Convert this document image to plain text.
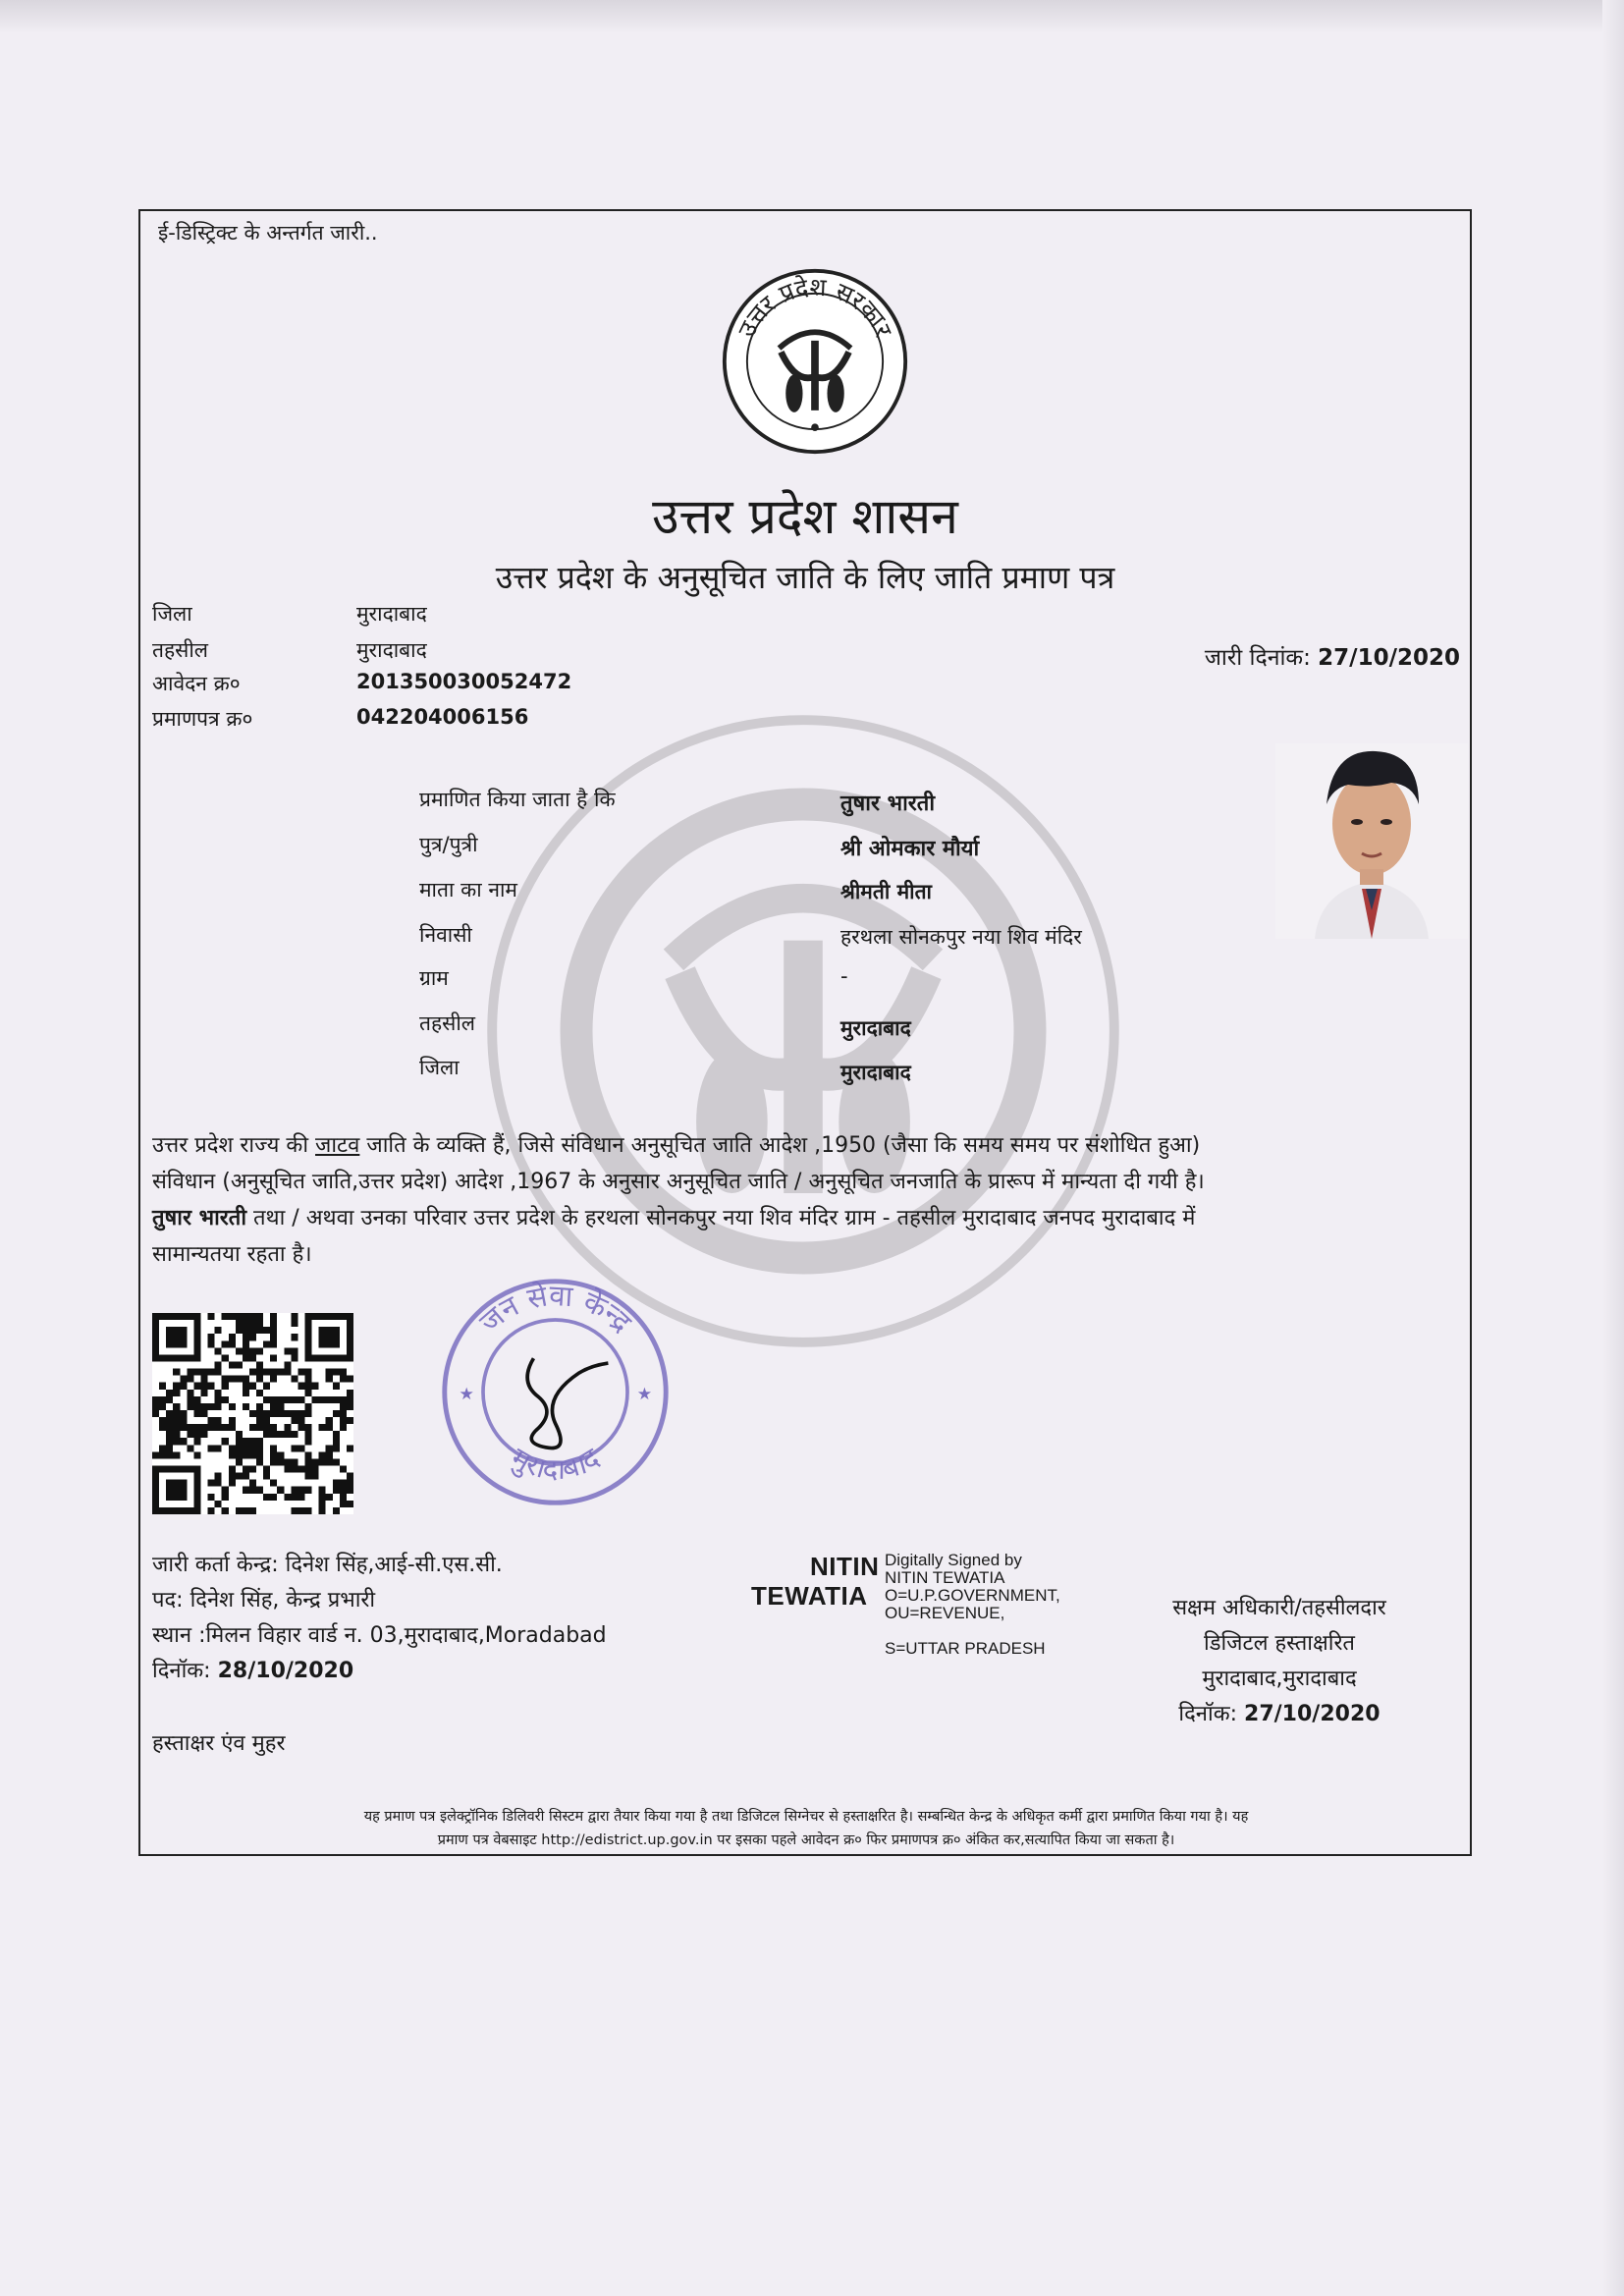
ई-डिस्ट्रिक्ट के अन्तर्गत जारी..
उत्तर प्रदेश सरकार
उत्तर प्रदेश शासन
उत्तर प्रदेश के अनुसूचित जाति के लिए जाति प्रमाण पत्र
जिला	मुरादाबाद
तहसील	मुरादाबाद
आवेदन क्र०	201350030052472
प्रमाणपत्र क्र०	042204006156
जारी दिनांक: 27/10/2020
प्रमाणित किया जाता है कि	तुषार भारती
पुत्र/पुत्री	श्री ओमकार मौर्या
माता का नाम	श्रीमती मीता
निवासी	हरथला सोनकपुर नया शिव मंदिर
ग्राम	-
तहसील	मुरादाबाद
जिला	मुरादाबाद
उत्तर प्रदेश राज्य की जाटव जाति के व्यक्ति हैं, जिसे संविधान अनुसूचित जाति आदेश ,1950 (जैसा कि समय समय पर संशोधित हुआ)
संविधान (अनुसूचित जाति,उत्तर प्रदेश) आदेश ,1967 के अनुसार अनुसूचित जाति / अनुसूचित जनजाति के प्रारूप में मान्यता दी गयी है।
तुषार भारती तथा / अथवा उनका परिवार उत्तर प्रदेश के हरथला सोनकपुर नया शिव मंदिर ग्राम - तहसील मुरादाबाद जनपद मुरादाबाद में
सामान्यतया रहता है।
जन सेवा केन्द्र
मुरादाबाद
★	★
जारी कर्ता केन्द्र: दिनेश सिंह,आई-सी.एस.सी.
पद: दिनेश सिंह, केन्द्र प्रभारी
स्थान :मिलन विहार वार्ड न. 03,मुरादाबाद,Moradabad
दिनॉक: 28/10/2020
हस्ताक्षर एंव मुहर
NITIN
TEWATIA
Digitally Signed by
NITIN TEWATIA
O=U.P.GOVERNMENT,
OU=REVENUE,
S=UTTAR PRADESH
सक्षम अधिकारी/तहसीलदार
डिजिटल हस्ताक्षरित
मुरादाबाद,मुरादाबाद
दिनॉक: 27/10/2020
यह प्रमाण पत्र इलेक्ट्रॉनिक डिलिवरी सिस्टम द्वारा तैयार किया गया है तथा डिजिटल सिग्नेचर से हस्ताक्षरित है। सम्बन्धित केन्द्र के अधिकृत कर्मी द्वारा प्रमाणित किया गया है। यह
प्रमाण पत्र वेबसाइट http://edistrict.up.gov.in पर इसका पहले आवेदन क्र० फिर प्रमाणपत्र क्र० अंकित कर,सत्यापित किया जा सकता है।
